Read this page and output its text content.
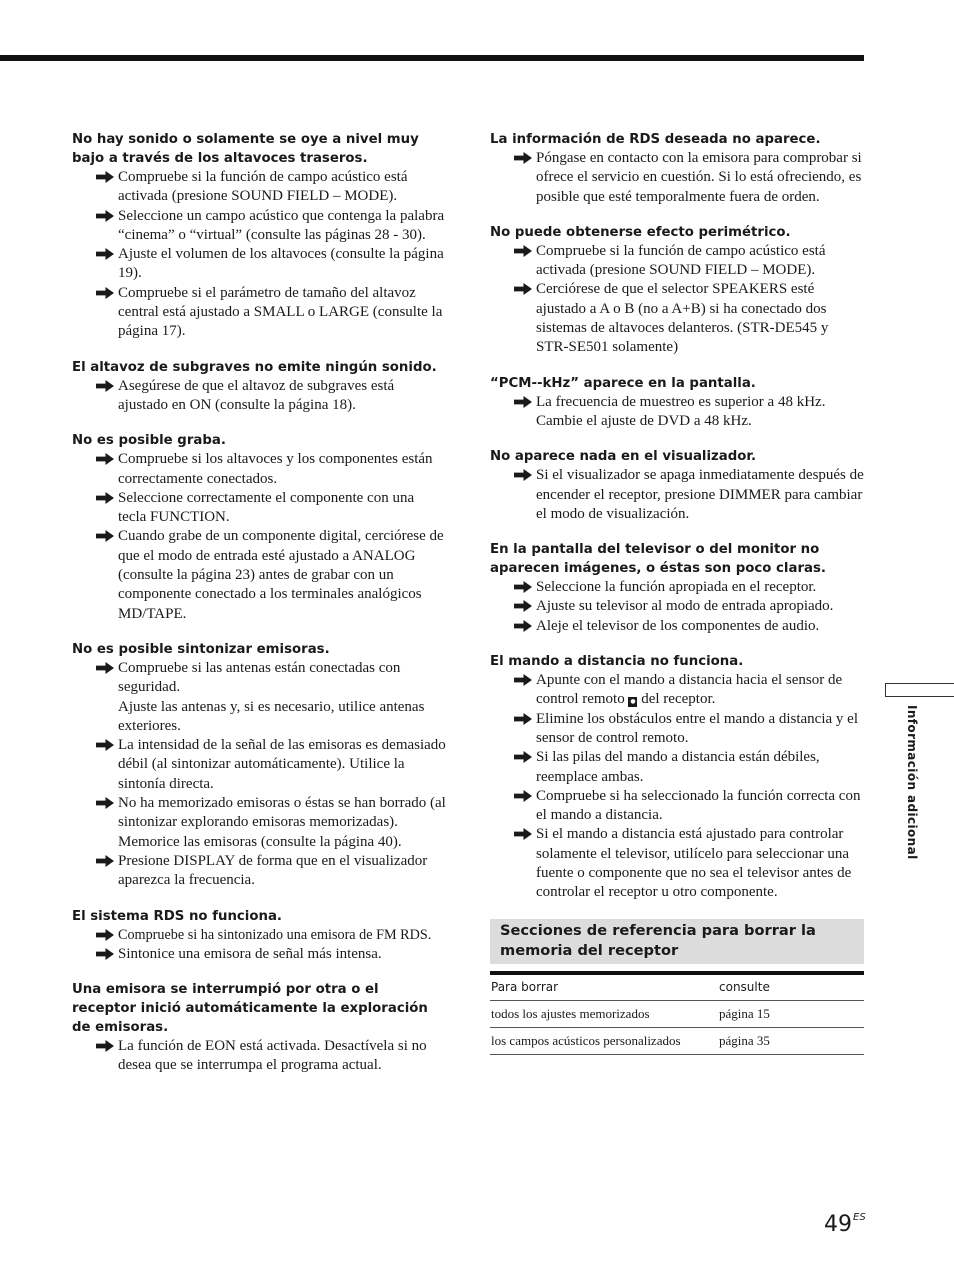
No hay sonido o solamente se oye a nivel muy bajo a través de los altavoces traseros.

Compruebe si la función de campo acústico está activada (presione SOUND FIELD – MODE).
Seleccione un campo acústico que contenga la palabra “cinema” o “virtual” (consulte las páginas 28 - 30).
Ajuste el volumen de los altavoces (consulte la página 19).
Compruebe si el parámetro de tamaño del altavoz central está ajustado a SMALL o LARGE (consulte la página 17).

El altavoz de subgraves no emite ningún sonido.

Asegúrese de que el altavoz de subgraves está ajustado en ON (consulte la página 18).

No es posible graba.

Compruebe si los altavoces y los componentes están correctamente conectados.
Seleccione correctamente el componente con una tecla FUNCTION.
Cuando grabe de un componente digital, cerciórese de que el modo de entrada esté ajustado a ANALOG (consulte la página 23) antes de grabar con un componente conectado a los terminales analógicos MD/TAPE.

No es posible sintonizar emisoras.

Compruebe si las antenas están conectadas con seguridad.
Ajuste las antenas y, si es necesario, utilice antenas exteriores.
La intensidad de la señal de las emisoras es demasiado débil (al sintonizar automáticamente). Utilice la sintonía directa.
No ha memorizado emisoras o éstas se han borrado (al sintonizar explorando emisoras memorizadas). Memorice las emisoras (consulte la página 40).
Presione DISPLAY de forma que en el visualizador aparezca la frecuencia.

El sistema RDS no funciona.

Compruebe si ha sintonizado una emisora de FM RDS.
Sintonice una emisora de señal más intensa.

Una emisora se interrumpió por otra o el receptor inició automáticamente la exploración de emisoras.

La función de EON está activada. Desactívela si no desea que se interrumpa el programa actual.

La información de RDS deseada no aparece.

Póngase en contacto con la emisora para comprobar si ofrece el servicio en cuestión. Si lo está ofreciendo, es posible que esté temporalmente fuera de orden.

No puede obtenerse efecto perimétrico.

Compruebe si la función de campo acústico está activada (presione SOUND FIELD – MODE).
Cerciórese de que el selector SPEAKERS esté ajustado a A o B (no a A+B) si ha conectado dos sistemas de altavoces delanteros. (STR-DE545 y STR-SE501 solamente)

“PCM--kHz” aparece en la pantalla.

La frecuencia de muestreo es superior a 48 kHz. Cambie el ajuste de DVD a 48 kHz.

No aparece nada en el visualizador.

Si el visualizador se apaga inmediatamente después de encender el receptor, presione DIMMER para cambiar el modo de visualización.

En la pantalla del televisor o del monitor no aparecen imágenes, o éstas son poco claras.

Seleccione la función apropiada en el receptor.
Ajuste su televisor al modo de entrada apropiado.
Aleje el televisor de los componentes de audio.

El mando a distancia no funciona.

Apunte con el mando a distancia hacia el sensor de control remoto ● del receptor.
Elimine los obstáculos entre el mando a distancia y el sensor de control remoto.
Si las pilas del mando a distancia están débiles, reemplace ambas.
Compruebe si ha seleccionado la función correcta con el mando a distancia.
Si el mando a distancia está ajustado para controlar solamente el televisor, utilícelo para seleccionar una fuente o componente que no sea el televisor antes de controlar el receptor u otro componente.
Secciones de referencia para borrar la memoria del receptor
Para borrar	consulte
todos los ajustes memorizados	página 15
los campos acústicos personalizados	página 35
Información adicional
$49^{ES}$
